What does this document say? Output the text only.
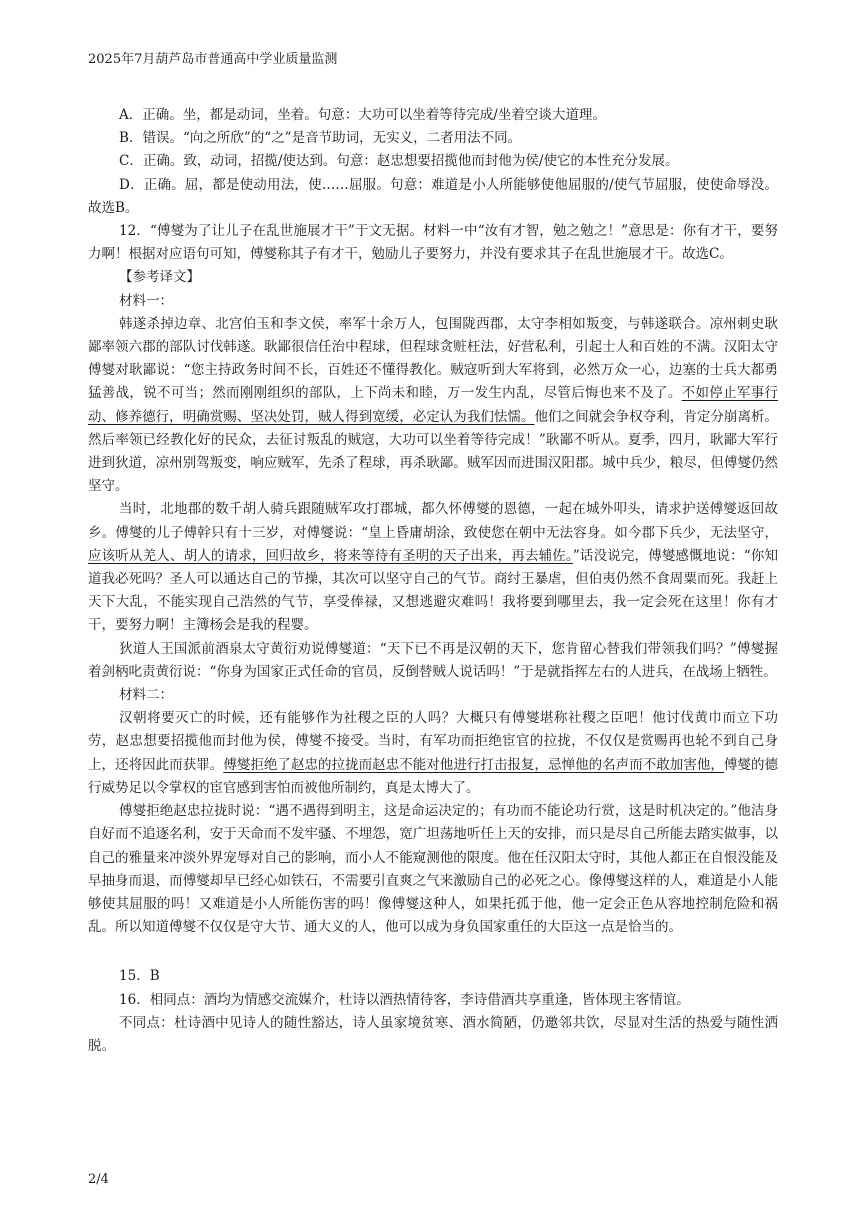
2025年7月葫芦岛市普通高中学业质量监测

A．正确。坐，都是动词，坐着。句意：大功可以坐着等待完成/坐着空谈大道理。

B．错误。“向之所欣”的“之”是音节助词，无实义，二者用法不同。

C．正确。致，动词，招揽/使达到。句意：赵忠想要招揽他而封他为侯/使它的本性充分发展。

D．正确。屈，都是使动用法，使……屈服。句意：难道是小人所能够使他屈服的/使气节屈服，使使命辱没。故选B。

12．“傅燮为了让儿子在乱世施展才干”于文无据。材料一中“汝有才智，勉之勉之！”意思是：你有才干，要努力啊！根据对应语句可知，傅燮称其子有才干，勉励儿子要努力，并没有要求其子在乱世施展才干。故选C。

【参考译文】

材料一：

韩遂杀掉边章、北宫伯玉和李文侯，率军十余万人，包围陇西郡，太守李相如叛变，与韩遂联合。凉州刺史耿鄙率领六郡的部队讨伐韩遂。耿鄙很信任治中程球，但程球贪赃枉法，好营私利，引起士人和百姓的不满。汉阳太守傅燮对耿鄙说：“您主持政务时间不长，百姓还不懂得教化。贼寇听到大军将到，必然万众一心，边塞的士兵大都勇猛善战，锐不可当；然而刚刚组织的部队，上下尚未和睦，万一发生内乱，尽管后悔也来不及了。不如停止军事行动、修养德行，明确赏赐、坚决处罚，贼人得到宽缓，必定认为我们怯懦。他们之间就会争权夺利，肯定分崩离析。然后率领已经教化好的民众，去征讨叛乱的贼寇，大功可以坐着等待完成！”耿鄙不听从。夏季，四月，耿鄙大军行进到狄道，凉州别驾叛变，响应贼军，先杀了程球，再杀耿鄙。贼军因而进围汉阳郡。城中兵少，粮尽，但傅燮仍然坚守。

当时，北地郡的数千胡人骑兵跟随贼军攻打郡城，都久怀傅燮的恩德，一起在城外叩头，请求护送傅燮返回故乡。傅燮的儿子傅幹只有十三岁，对傅燮说：“皇上昏庸胡涂，致使您在朝中无法容身。如今郡下兵少，无法坚守，应该听从羌人、胡人的请求，回归故乡，将来等待有圣明的天子出来，再去辅佐。”话没说完，傅燮感慨地说：“你知道我必死吗？圣人可以通达自己的节操，其次可以坚守自己的气节。商纣王暴虐，但伯夷仍然不食周粟而死。我赶上天下大乱，不能实现自己浩然的气节，享受俸禄，又想逃避灾难吗！我将要到哪里去，我一定会死在这里！你有才干，要努力啊！主簿杨会是我的程婴。

狄道人王国派前酒泉太守黄衍劝说傅燮道：“天下已不再是汉朝的天下，您肯留心替我们带领我们吗？”傅燮握着剑柄叱责黄衍说：“你身为国家正式任命的官员，反倒替贼人说话吗！”于是就指挥左右的人进兵，在战场上牺牲。

材料二：

汉朝将要灭亡的时候，还有能够作为社稷之臣的人吗？大概只有傅燮堪称社稷之臣吧！他讨伐黄巾而立下功劳，赵忠想要招揽他而封他为侯，傅燮不接受。当时，有军功而拒绝宦官的拉拢，不仅仅是赏赐再也轮不到自己身上，还将因此而获罪。傅燮拒绝了赵忠的拉拢而赵忠不能对他进行打击报复，忌惮他的名声而不敢加害他，傅燮的德行威势足以令掌权的宦官感到害怕而被他所制约，真是太博大了。

傅燮拒绝赵忠拉拢时说：“遇不遇得到明主，这是命运决定的；有功而不能论功行赏，这是时机决定的。”他洁身自好而不追逐名利，安于天命而不发牢骚、不埋怨，宽广坦荡地听任上天的安排，而只是尽自己所能去踏实做事，以自己的雅量来冲淡外界宠辱对自己的影响，而小人不能窥测他的限度。他在任汉阳太守时，其他人都正在自恨没能及早抽身而退，而傅燮却早已经心如铁石，不需要引直爽之气来激励自己的必死之心。像傅燮这样的人，难道是小人能够使其屈服的吗！又难道是小人所能伤害的吗！像傅燮这种人，如果托孤于他，他一定会正色从容地控制危险和祸乱。所以知道傅燮不仅仅是守大节、通大义的人，他可以成为身负国家重任的大臣这一点是恰当的。

15．B

16．相同点：酒均为情感交流媒介，杜诗以酒热情待客，李诗借酒共享重逢，皆体现主客情谊。

不同点：杜诗酒中见诗人的随性豁达，诗人虽家境贫寒、酒水简陋，仍邀邻共饮，尽显对生活的热爱与随性洒脱。

2/4
